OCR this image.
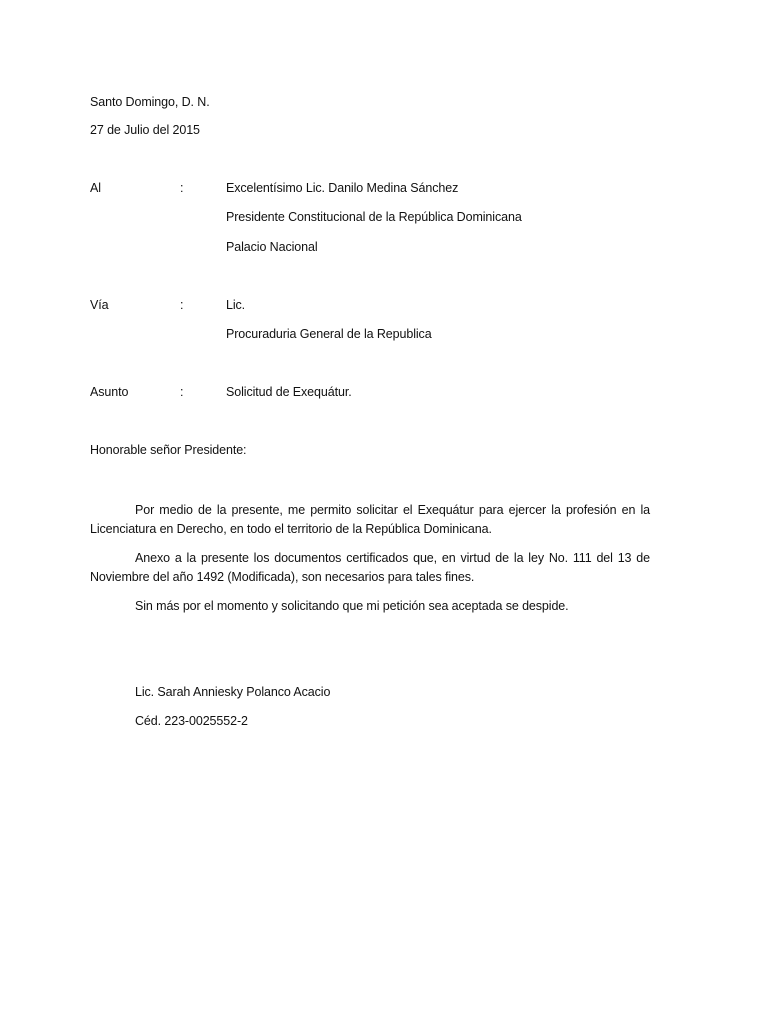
Santo Domingo, D. N.
27 de Julio del 2015
Al	:	Excelentísimo Lic. Danilo Medina Sánchez
Presidente Constitucional de la República Dominicana
Palacio Nacional
Vía	:	Lic.
Procuraduria General de la Republica
Asunto	:	Solicitud de Exequátur.
Honorable señor Presidente:
Por medio de la presente, me permito solicitar el Exequátur para ejercer la profesión en la Licenciatura en Derecho, en todo el territorio de la República Dominicana.
Anexo a la presente los documentos certificados que, en virtud de la ley No. 111 del 13 de Noviembre del año 1492 (Modificada), son necesarios para tales fines.
Sin más por el momento y solicitando que mi petición sea aceptada se despide.
Lic. Sarah Anniesky Polanco Acacio
Céd. 223-0025552-2
